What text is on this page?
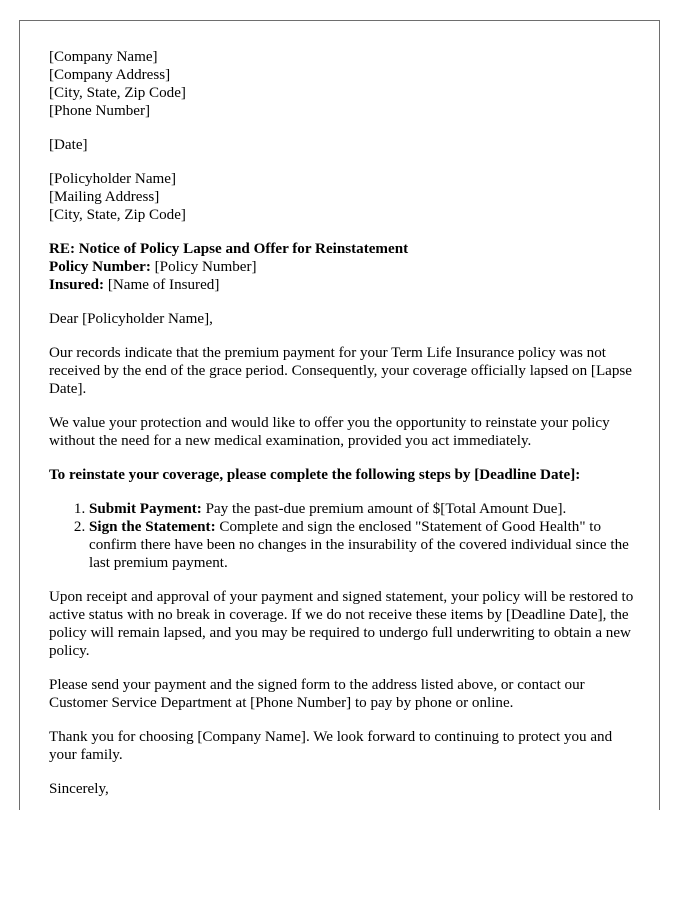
[Company Name]
[Company Address]
[City, State, Zip Code]
[Phone Number]
[Date]
[Policyholder Name]
[Mailing Address]
[City, State, Zip Code]
RE: Notice of Policy Lapse and Offer for Reinstatement
Policy Number: [Policy Number]
Insured: [Name of Insured]

Dear [Policyholder Name],

Our records indicate that the premium payment for your Term Life Insurance policy was not received by the end of the grace period. Consequently, your coverage officially lapsed on [Lapse Date].

We value your protection and would like to offer you the opportunity to reinstate your policy without the need for a new medical examination, provided you act immediately.

To reinstate your coverage, please complete the following steps by [Deadline Date]:

1. Submit Payment: Pay the past-due premium amount of $[Total Amount Due].
2. Sign the Statement: Complete and sign the enclosed "Statement of Good Health" to confirm there have been no changes in the insurability of the covered individual since the last premium payment.

Upon receipt and approval of your payment and signed statement, your policy will be restored to active status with no break in coverage. If we do not receive these items by [Deadline Date], the policy will remain lapsed, and you may be required to undergo full underwriting to obtain a new policy.

Please send your payment and the signed form to the address listed above, or contact our Customer Service Department at [Phone Number] to pay by phone or online.

Thank you for choosing [Company Name]. We look forward to continuing to protect you and your family.

Sincerely,
